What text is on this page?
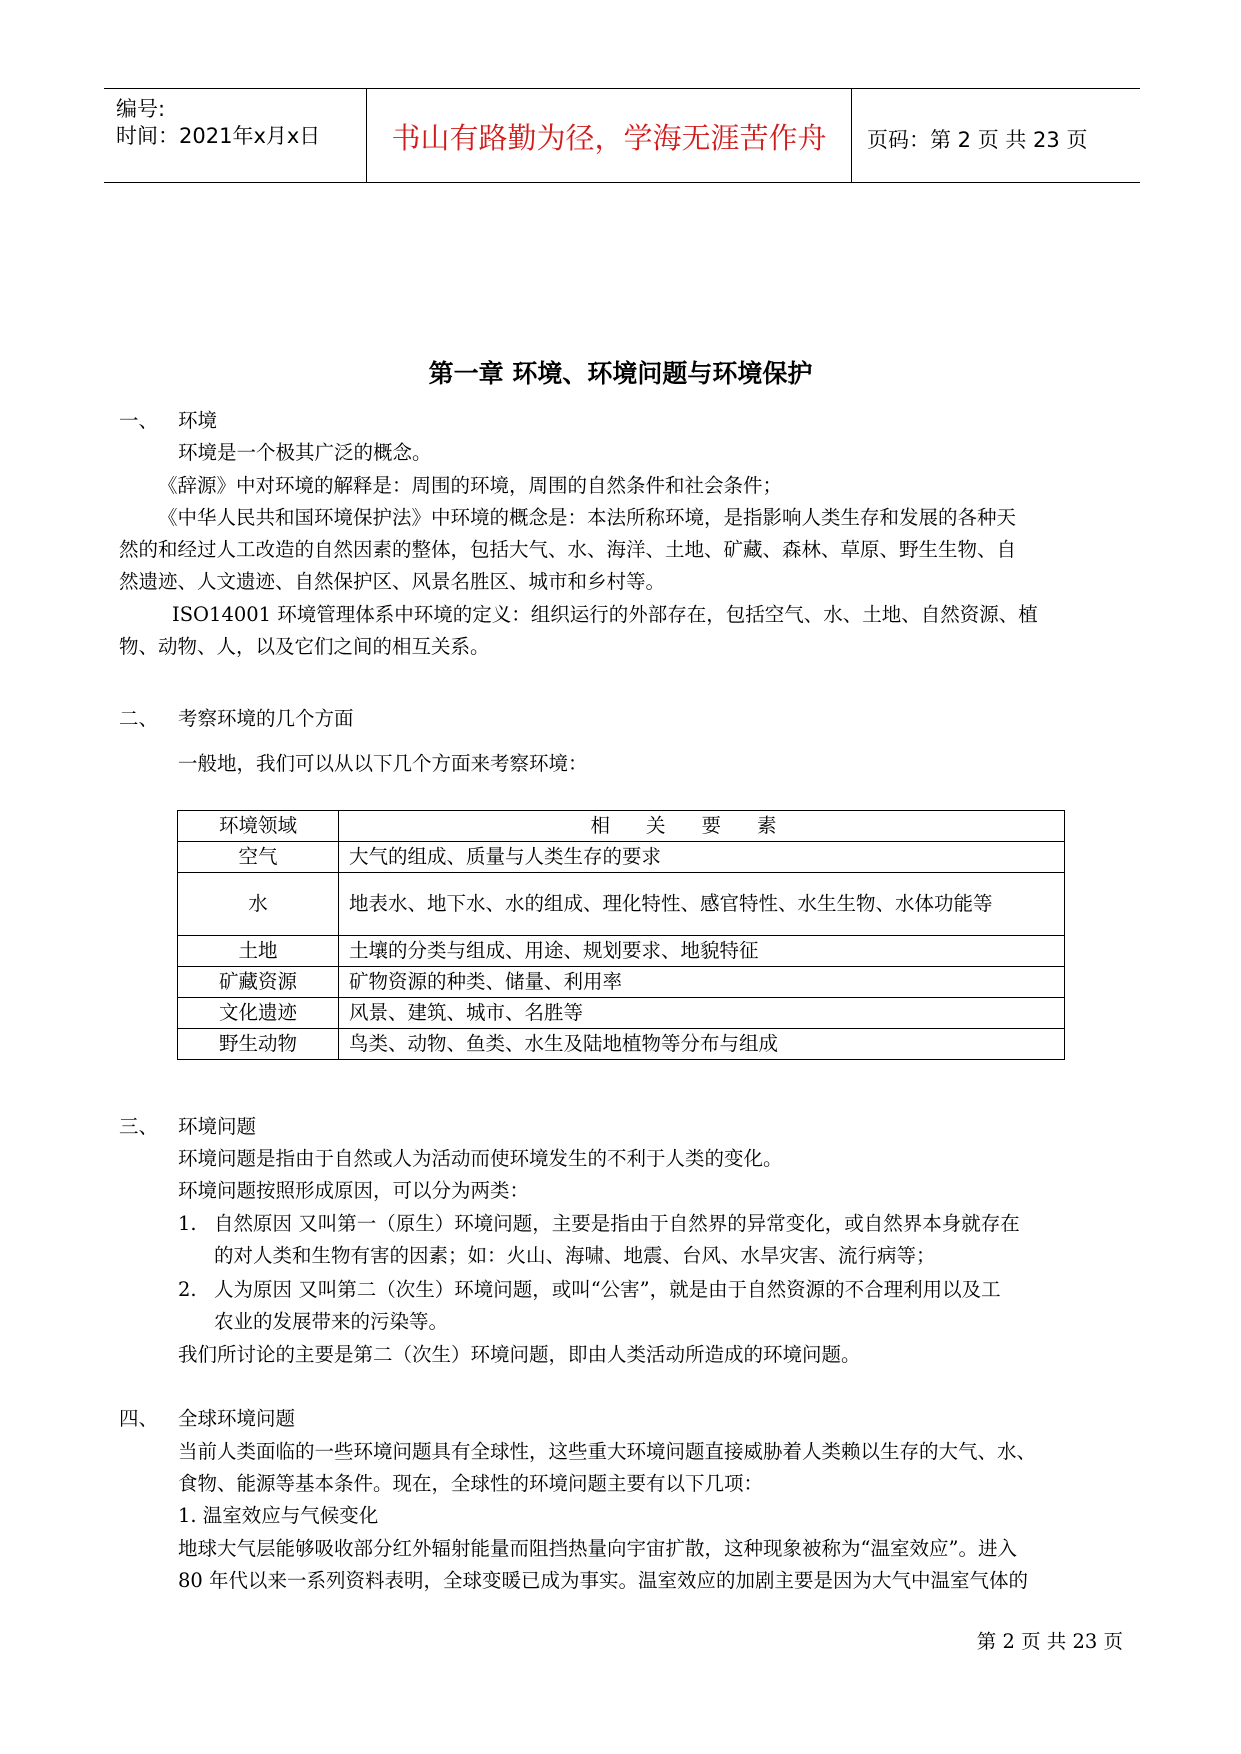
编号:
时间：2021年x月x日	书山有路勤为径，学海无涯苦作舟	页码：第 2 页 共 23 页
第一章 环境、环境问题与环境保护
一、 环境
环境是一个极其广泛的概念。
《辞源》中对环境的解释是：周围的环境，周围的自然条件和社会条件；
《中华人民共和国环境保护法》中环境的概念是：本法所称环境，是指影响人类生存和发展的各种天
然的和经过人工改造的自然因素的整体，包括大气、水、海洋、土地、矿藏、森林、草原、野生生物、自
然遗迹、人文遗迹、自然保护区、风景名胜区、城市和乡村等。
ISO14001 环境管理体系中环境的定义：组织运行的外部存在，包括空气、水、土地、自然资源、植
物、动物、人，以及它们之间的相互关系。
二、 考察环境的几个方面
一般地，我们可以从以下几个方面来考察环境：
环境领域	相关要素
空气	大气的组成、质量与人类生存的要求
水	地表水、地下水、水的组成、理化特性、感官特性、水生生物、水体功能等
土地	土壤的分类与组成、用途、规划要求、地貌特征
矿藏资源	矿物资源的种类、储量、利用率
文化遗迹	风景、建筑、城市、名胜等
野生动物	鸟类、动物、鱼类、水生及陆地植物等分布与组成
三、 环境问题
环境问题是指由于自然或人为活动而使环境发生的不利于人类的变化。
环境问题按照形成原因，可以分为两类：
1. 自然原因 又叫第一（原生）环境问题，主要是指由于自然界的异常变化，或自然界本身就存在
的对人类和生物有害的因素；如：火山、海啸、地震、台风、水旱灾害、流行病等；
2. 人为原因 又叫第二（次生）环境问题，或叫“公害”，就是由于自然资源的不合理利用以及工
农业的发展带来的污染等。
我们所讨论的主要是第二（次生）环境问题，即由人类活动所造成的环境问题。
四、 全球环境问题
当前人类面临的一些环境问题具有全球性，这些重大环境问题直接威胁着人类赖以生存的大气、水、
食物、能源等基本条件。现在，全球性的环境问题主要有以下几项：
1. 温室效应与气候变化
地球大气层能够吸收部分红外辐射能量而阻挡热量向宇宙扩散，这种现象被称为“温室效应”。进入
80 年代以来一系列资料表明，全球变暖已成为事实。温室效应的加剧主要是因为大气中温室气体的
第 2 页 共 23 页
